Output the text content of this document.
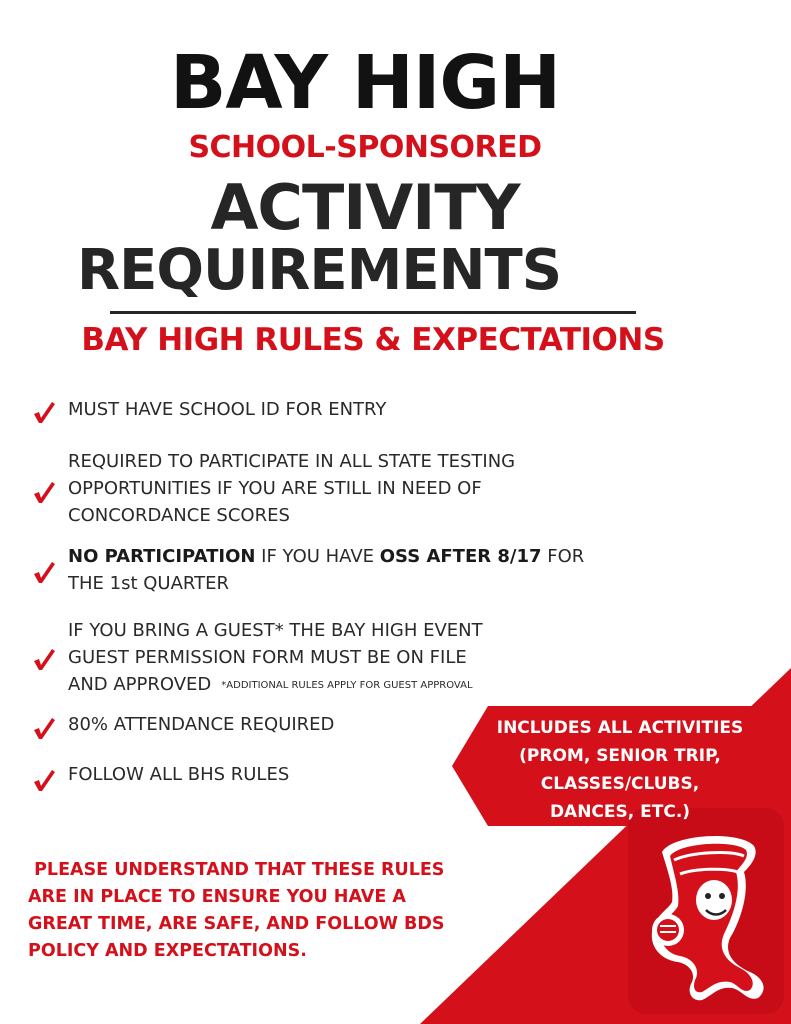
BAY HIGH
SCHOOL-SPONSORED
ACTIVITY
REQUIREMENTS
BAY HIGH RULES & EXPECTATIONS
MUST HAVE SCHOOL ID FOR ENTRY
REQUIRED TO PARTICIPATE IN ALL STATE TESTING
OPPORTUNITIES IF YOU ARE STILL IN NEED OF
CONCORDANCE SCORES
NO PARTICIPATION IF YOU HAVE OSS AFTER 8/17 FOR
THE 1st QUARTER
IF YOU BRING A GUEST* THE BAY HIGH EVENT
GUEST PERMISSION FORM MUST BE ON FILE
AND APPROVED *ADDITIONAL RULES APPLY FOR GUEST APPROVAL
80% ATTENDANCE REQUIRED
FOLLOW ALL BHS RULES
INCLUDES ALL ACTIVITIES
(PROM, SENIOR TRIP,
CLASSES/CLUBS,
DANCES, ETC.)
PLEASE UNDERSTAND THAT THESE RULES
ARE IN PLACE TO ENSURE YOU HAVE A
GREAT TIME, ARE SAFE, AND FOLLOW BDS
POLICY AND EXPECTATIONS.
